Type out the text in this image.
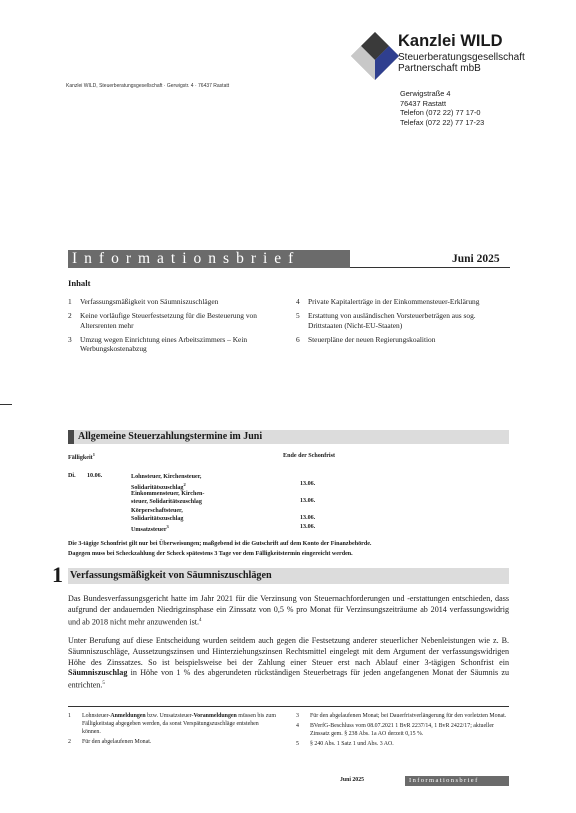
Kanzlei WILD
Steuerberatungsgesellschaft
Partnerschaft mbB
Kanzlei WILD, Steuerberatungsgesellschaft · Gerwigstr. 4 · 76437 Rastatt
Gerwigstraße 4
76437 Rastatt
Telefon (072 22) 77 17-0
Telefax (072 22) 77 17-23
Informationsbrief	Juni 2025
Inhalt
1	Verfassungsmäßigkeit von Säumniszuschlägen
2	Keine vorläufige Steuerfestsetzung für die Besteuerung von Altersrenten mehr
3	Umzug wegen Einrichtung eines Arbeitszimmers – Kein Werbungskostenabzug
4	Private Kapitalerträge in der Einkommensteuer-Erklärung
5	Erstattung von ausländischen Vorsteuerbeträgen aus sog. Drittstaaten (Nicht-EU-Staaten)
6	Steuerpläne der neuen Regierungskoalition
Allgemeine Steuerzahlungstermine im Juni
Fälligkeit$^1$	Ende der Schonfrist
Di. 10.06.	Lohnsteuer, Kirchensteuer,
Solidaritätszuschlag$^2$	13.06.
Einkommensteuer, Kirchen-
steuer, Solidaritätszuschlag	13.06.
Körperschaftsteuer,
Solidaritätszuschlag	13.06.
Umsatzsteuer$^3$	13.06.
Die 3-tägige Schonfrist gilt nur bei Überweisungen; maßgebend ist die Gutschrift auf dem Konto der Finanzbehörde.
Dagegen muss bei Scheckzahlung der Scheck spätestens 3 Tage vor dem Fälligkeitstermin eingereicht werden.
1 Verfassungsmäßigkeit von Säumniszuschlägen
Das Bundesverfassungsgericht hatte im Jahr 2021 für die Verzinsung von Steuernachforderungen und -erstattungen entschieden, dass aufgrund der andauernden Niedrigzinsphase ein Zinssatz von 0,5 % pro Monat für Verzinsungszeiträume ab 2014 verfassungswidrig und ab 2018 nicht mehr anzuwenden ist.$^4$
Unter Berufung auf diese Entscheidung wurden seitdem auch gegen die Festsetzung anderer steuerlicher Nebenleistungen wie z. B. Säumniszuschläge, Aussetzungszinsen und Hinterziehungszinsen Rechtsmittel eingelegt mit dem Argument der verfassungswidrigen Höhe des Zinssatzes. So ist beispielsweise bei der Zahlung einer Steuer erst nach Ablauf einer 3-tägigen Schonfrist ein Säumniszuschlag in Höhe von 1 % des abgerundeten rückständigen Steuerbetrags für jeden angefangenen Monat der Säumnis zu entrichten.$^5$
1	Lohnsteuer-Anmeldungen bzw. Umsatzsteuer-Voranmeldungen müssen bis zum Fälligkeitstag abgegeben werden, da sonst Verspätungszuschläge entstehen können.
2	Für den abgelaufenen Monat.
3	Für den abgelaufenen Monat; bei Dauerfristverlängerung für den vorletzten Monat.
4	BVerfG-Beschluss vom 08.07.2021 1 BvR 2237/14, 1 BvR 2422/17; aktueller Zinssatz gem. § 238 Abs. 1a AO derzeit 0,15 %.
5	§ 240 Abs. 1 Satz 1 und Abs. 3 AO.
Juni 2025	Informationsbrief
